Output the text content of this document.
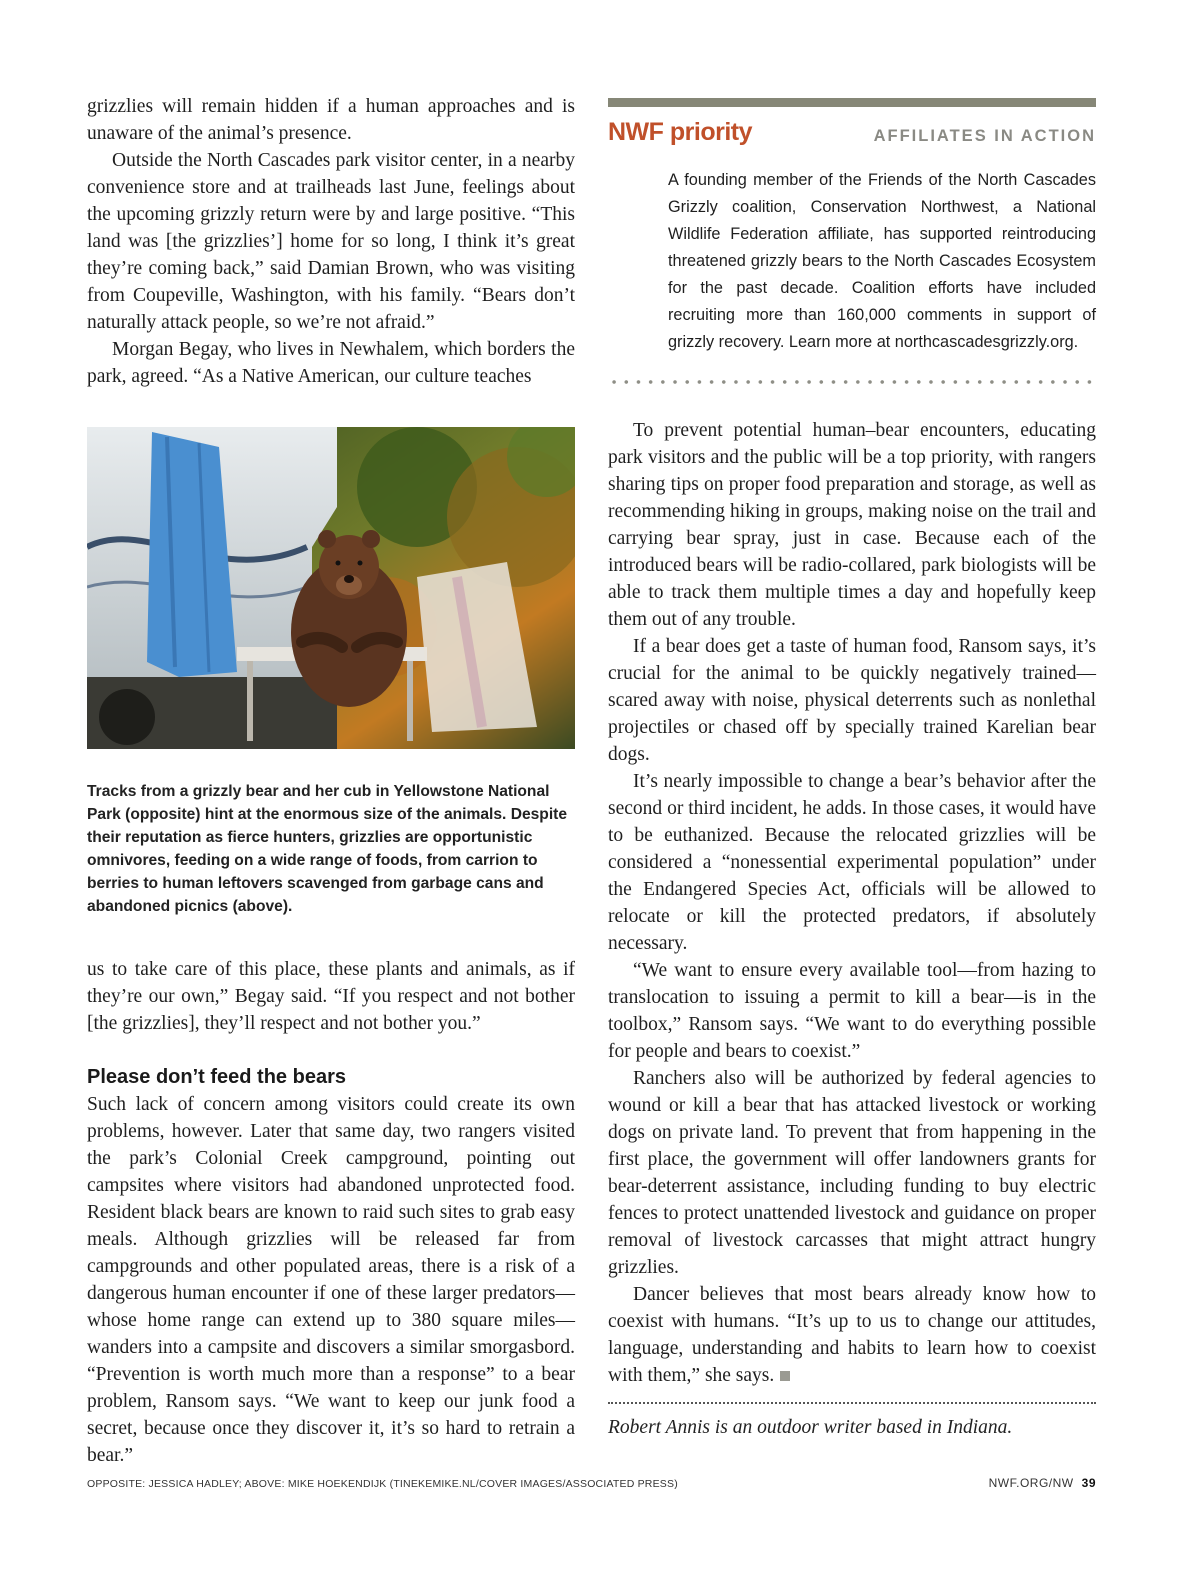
grizzlies will remain hidden if a human approaches and is unaware of the animal’s presence.

Outside the North Cascades park visitor center, in a nearby convenience store and at trailheads last June, feelings about the upcoming grizzly return were by and large positive. “This land was [the grizzlies’] home for so long, I think it’s great they’re coming back,” said Damian Brown, who was visiting from Coupeville, Washington, with his family. “Bears don’t naturally attack people, so we’re not afraid.”

Morgan Begay, who lives in Newhalem, which borders the park, agreed. “As a Native American, our culture teaches

Tracks from a grizzly bear and her cub in Yellowstone National Park (opposite) hint at the enormous size of the animals. Despite their reputation as fierce hunters, grizzlies are opportunistic omnivores, feeding on a wide range of foods, from carrion to berries to human leftovers scavenged from garbage cans and abandoned picnics (above).

us to take care of this place, these plants and animals, as if they’re our own,” Begay said. “If you respect and not bother [the grizzlies], they’ll respect and not bother you.”

Please don’t feed the bears

Such lack of concern among visitors could create its own problems, however. Later that same day, two rangers visited the park’s Colonial Creek campground, pointing out campsites where visitors had abandoned unprotected food. Resident black bears are known to raid such sites to grab easy meals. Although grizzlies will be released far from campgrounds and other populated areas, there is a risk of a dangerous human encounter if one of these larger predators—whose home range can extend up to 380 square miles—wanders into a campsite and discovers a similar smorgasbord. “Prevention is worth much more than a response” to a bear problem, Ransom says. “We want to keep our junk food a secret, because once they discover it, it’s so hard to retrain a bear.”

NWF priority	AFFILIATES IN ACTION
A founding member of the Friends of the North Cascades Grizzly coalition, Conservation Northwest, a National Wildlife Federation affiliate, has supported reintroducing threatened grizzly bears to the North Cascades Ecosystem for the past decade. Coalition efforts have included recruiting more than 160,000 comments in support of grizzly recovery. Learn more at northcascadesgrizzly.org.

To prevent potential human–bear encounters, educating park visitors and the public will be a top priority, with rangers sharing tips on proper food preparation and storage, as well as recommending hiking in groups, making noise on the trail and carrying bear spray, just in case. Because each of the introduced bears will be radio-collared, park biologists will be able to track them multiple times a day and hopefully keep them out of any trouble.

If a bear does get a taste of human food, Ransom says, it’s crucial for the animal to be quickly negatively trained—scared away with noise, physical deterrents such as nonlethal projectiles or chased off by specially trained Karelian bear dogs.

It’s nearly impossible to change a bear’s behavior after the second or third incident, he adds. In those cases, it would have to be euthanized. Because the relocated grizzlies will be considered a “nonessential experimental population” under the Endangered Species Act, officials will be allowed to relocate or kill the protected predators, if absolutely necessary.

“We want to ensure every available tool—from hazing to translocation to issuing a permit to kill a bear—is in the toolbox,” Ransom says. “We want to do everything possible for people and bears to coexist.”

Ranchers also will be authorized by federal agencies to wound or kill a bear that has attacked livestock or working dogs on private land. To prevent that from happening in the first place, the government will offer landowners grants for bear-deterrent assistance, including funding to buy electric fences to protect unattended livestock and guidance on proper removal of livestock carcasses that might attract hungry grizzlies.

Dancer believes that most bears already know how to coexist with humans. “It’s up to us to change our attitudes, language, understanding and habits to learn how to coexist with them,” she says.

Robert Annis is an outdoor writer based in Indiana.
OPPOSITE: JESSICA HADLEY; ABOVE: MIKE HOEKENDIJK (TINEKEMIKE.NL/COVER IMAGES/ASSOCIATED PRESS)	NWF.ORG/NW 39
